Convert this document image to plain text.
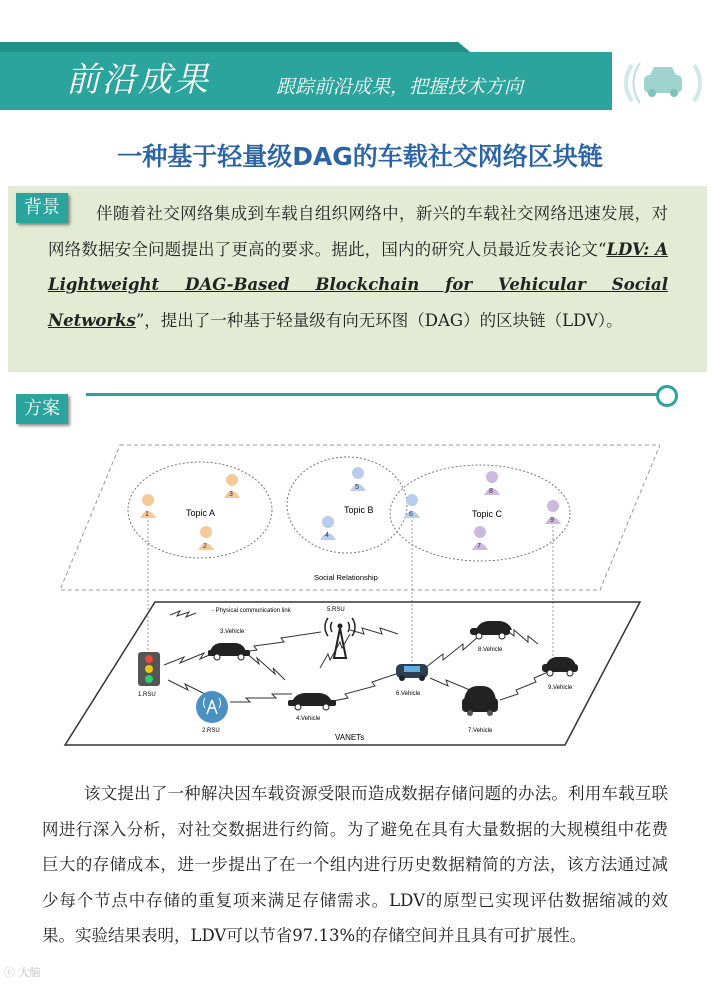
前沿成果	跟踪前沿成果，把握技术方向
一种基于轻量级DAG的车载社交网络区块链
背景	伴随着社交网络集成到车载自组织网络中，新兴的车载社交网络迅速发展，对网络数据安全问题提出了更高的要求。据此，国内的研究人员最近发表论文“LDV: A Lightweight DAG-Based Blockchain for Vehicular Social Networks”，提出了一种基于轻量级有向无环图（DAG）的区块链（LDV）。
方案
Topic A	Topic B	Topic C
Social Relationship
1
2
3
4
5
6
7
8
9
VANETs
- Physical communication link
1.RSU
2.RSU
3.Vehicle
5.RSU
4.Vehicle
6.Vehicle
8.Vehicle
7.Vehicle
9.Vehicle
该文提出了一种解决因车载资源受限而造成数据存储问题的办法。利用车载互联网进行深入分析，对社交数据进行约简。为了避免在具有大量数据的大规模组中花费巨大的存储成本，进一步提出了在一个组内进行历史数据精简的方法，该方法通过减少每个节点中存储的重复项来满足存储需求。LDV的原型已实现评估数据缩减的效果。实验结果表明，LDV可以节省97.13%的存储空间并且具有可扩展性。
ⓒ 大脑
